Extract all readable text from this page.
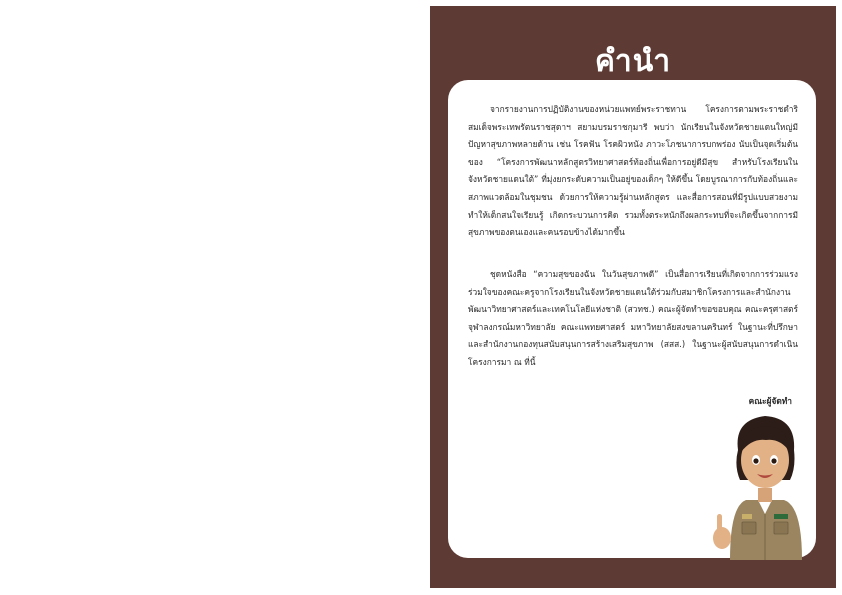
คำนำ

จากรายงานการปฏิบัติงานของหน่วยแพทย์พระราชทาน โครงการตามพระราชดำริสมเด็จพระเทพรัตนราชสุดาฯ สยามบรมราชกุมารี พบว่า นักเรียนในจังหวัดชายแดนใหญ่มีปัญหาสุขภาพหลายด้าน เช่น โรคฟัน โรคผิวหนัง ภาวะโภชนาการบกพร่อง นับเป็นจุดเริ่มต้นของ “โครงการพัฒนาหลักสูตรวิทยาศาสตร์ท้องถิ่นเพื่อการอยู่ดีมีสุข สำหรับโรงเรียนในจังหวัดชายแดนใต้” ที่มุ่งยกระดับความเป็นอยู่ของเด็กๆ ให้ดีขึ้น โดยบูรณาการกับท้องถิ่นและสภาพแวดล้อมในชุมชน ด้วยการให้ความรู้ผ่านหลักสูตร และสื่อการสอนที่มีรูปแบบสวยงาม ทำให้เด็กสนใจเรียนรู้ เกิดกระบวนการคิด รวมทั้งตระหนักถึงผลกระทบที่จะเกิดขึ้นจากการมีสุขภาพของตนเองและคนรอบข้างได้มากขึ้น

ชุดหนังสือ “ความสุขของฉัน ในวันสุขภาพดี” เป็นสื่อการเรียนที่เกิดจากการร่วมแรงร่วมใจของคณะครูจากโรงเรียนในจังหวัดชายแดนใต้ร่วมกับสมาชิกโครงการและสำนักงานพัฒนาวิทยาศาสตร์และเทคโนโลยีแห่งชาติ (สวทช.) คณะผู้จัดทำขอขอบคุณ คณะครุศาสตร์ จุฬาลงกรณ์มหาวิทยาลัย คณะแพทยศาสตร์ มหาวิทยาลัยสงขลานครินทร์ ในฐานะที่ปรึกษา และสำนักงานกองทุนสนับสนุนการสร้างเสริมสุขภาพ (สสส.) ในฐานะผู้สนับสนุนการดำเนินโครงการมา ณ ที่นี้

คณะผู้จัดทำ
